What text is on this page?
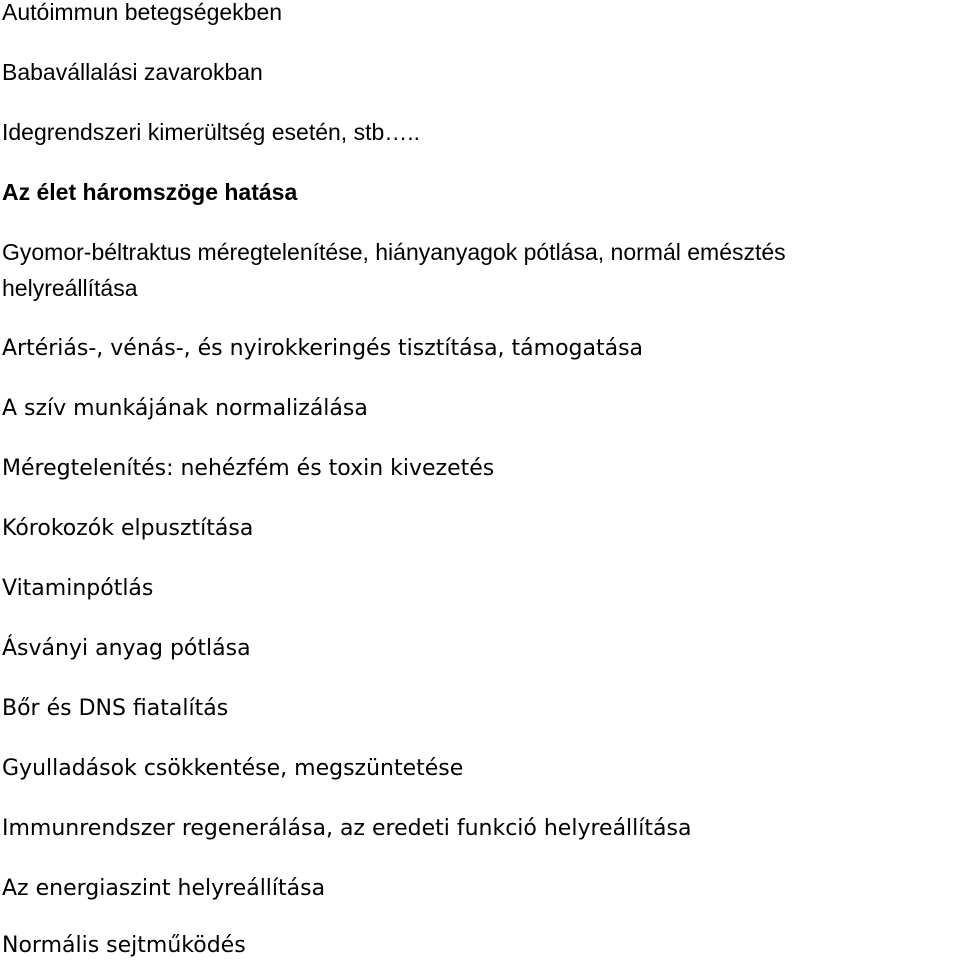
Autóimmun betegségekben

Babavállalási zavarokban

Idegrendszeri kimerültség esetén, stb…..

Az élet háromszöge hatása

Gyomor-béltraktus méregtelenítése, hiányanyagok pótlása, normál emésztés

helyreállítása

Artériás-, vénás-, és nyirokkeringés tisztítása, támogatása

A szív munkájának normalizálása

Méregtelenítés: nehézfém és toxin kivezetés

Kórokozók elpusztítása

Vitaminpótlás

Ásványi anyag pótlása

Bőr és DNS fiatalítás

Gyulladások csökkentése, megszüntetése

Immunrendszer regenerálása, az eredeti funkció helyreállítása

Az energiaszint helyreállítása

Normális sejtműködés
